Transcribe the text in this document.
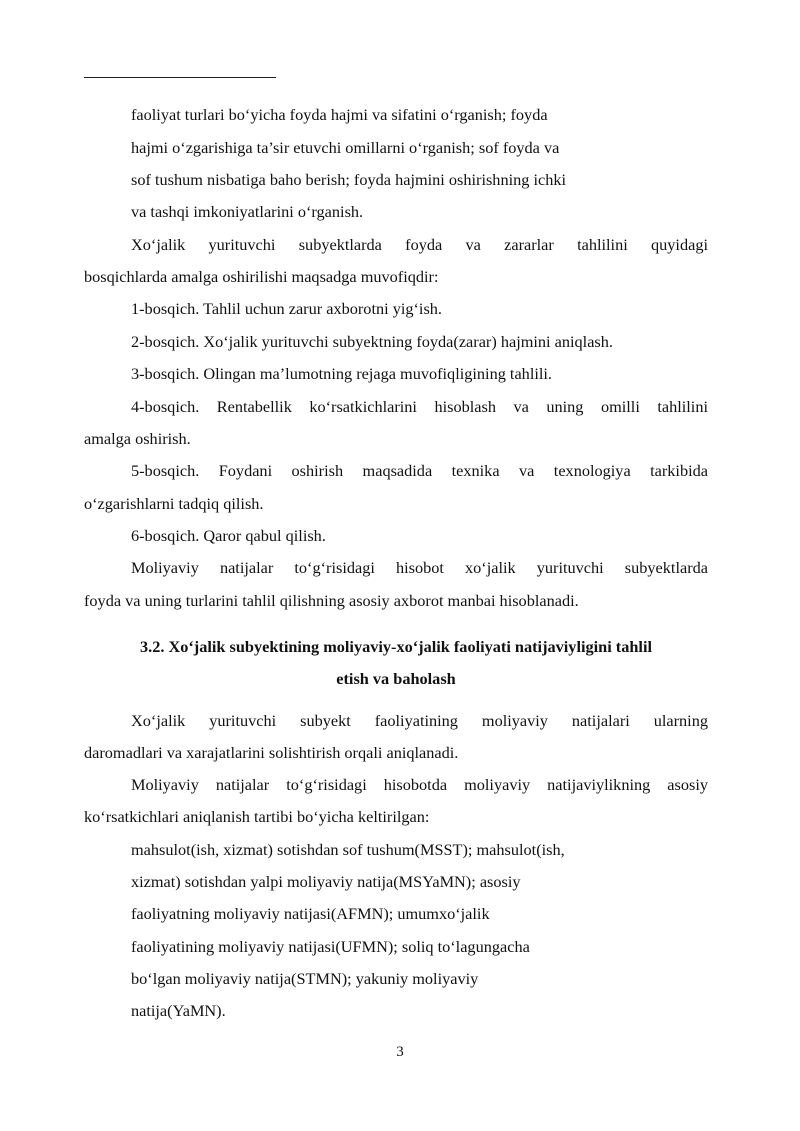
faoliyat turlari bo‘yicha foyda hajmi va sifatini o‘rganish; foyda
hajmi o‘zgarishiga ta’sir etuvchi omillarni o‘rganish; sof foyda va
sof tushum nisbatiga baho berish; foyda hajmini oshirishning ichki
va tashqi imkoniyatlarini o‘rganish.
Xo‘jalik yurituvchi subyektlarda foyda va zararlar tahlilini quyidagi
bosqichlarda amalga oshirilishi maqsadga muvofiqdir:
1-bosqich. Tahlil uchun zarur axborotni yig‘ish.
2-bosqich. Xo‘jalik yurituvchi subyektning foyda(zarar) hajmini aniqlash.
3-bosqich. Olingan ma’lumotning rejaga muvofiqligining tahlili.
4-bosqich. Rentabellik ko‘rsatkichlarini hisoblash va uning omilli tahlilini
amalga oshirish.
5-bosqich. Foydani oshirish maqsadida texnika va texnologiya tarkibida
o‘zgarishlarni tadqiq qilish.
6-bosqich. Qaror qabul qilish.
Moliyaviy natijalar to‘g‘risidagi hisobot xo‘jalik yurituvchi subyektlarda
foyda va uning turlarini tahlil qilishning asosiy axborot manbai hisoblanadi.
3.2. Xo‘jalik subyektining moliyaviy-xo‘jalik faoliyati natijaviyligini tahlil
etish va baholash
Xo‘jalik yurituvchi subyekt faoliyatining moliyaviy natijalari ularning
daromadlari va xarajatlarini solishtirish orqali aniqlanadi.
Moliyaviy natijalar to‘g‘risidagi hisobotda moliyaviy natijaviylikning asosiy
ko‘rsatkichlari aniqlanish tartibi bo‘yicha keltirilgan:
mahsulot(ish, xizmat) sotishdan sof tushum(MSST); mahsulot(ish,
xizmat) sotishdan yalpi moliyaviy natija(MSYaMN); asosiy
faoliyatning moliyaviy natijasi(AFMN); umumxo‘jalik
faoliyatining moliyaviy natijasi(UFMN); soliq to‘lagungacha
bo‘lgan moliyaviy natija(STMN); yakuniy moliyaviy
natija(YaMN).
3
